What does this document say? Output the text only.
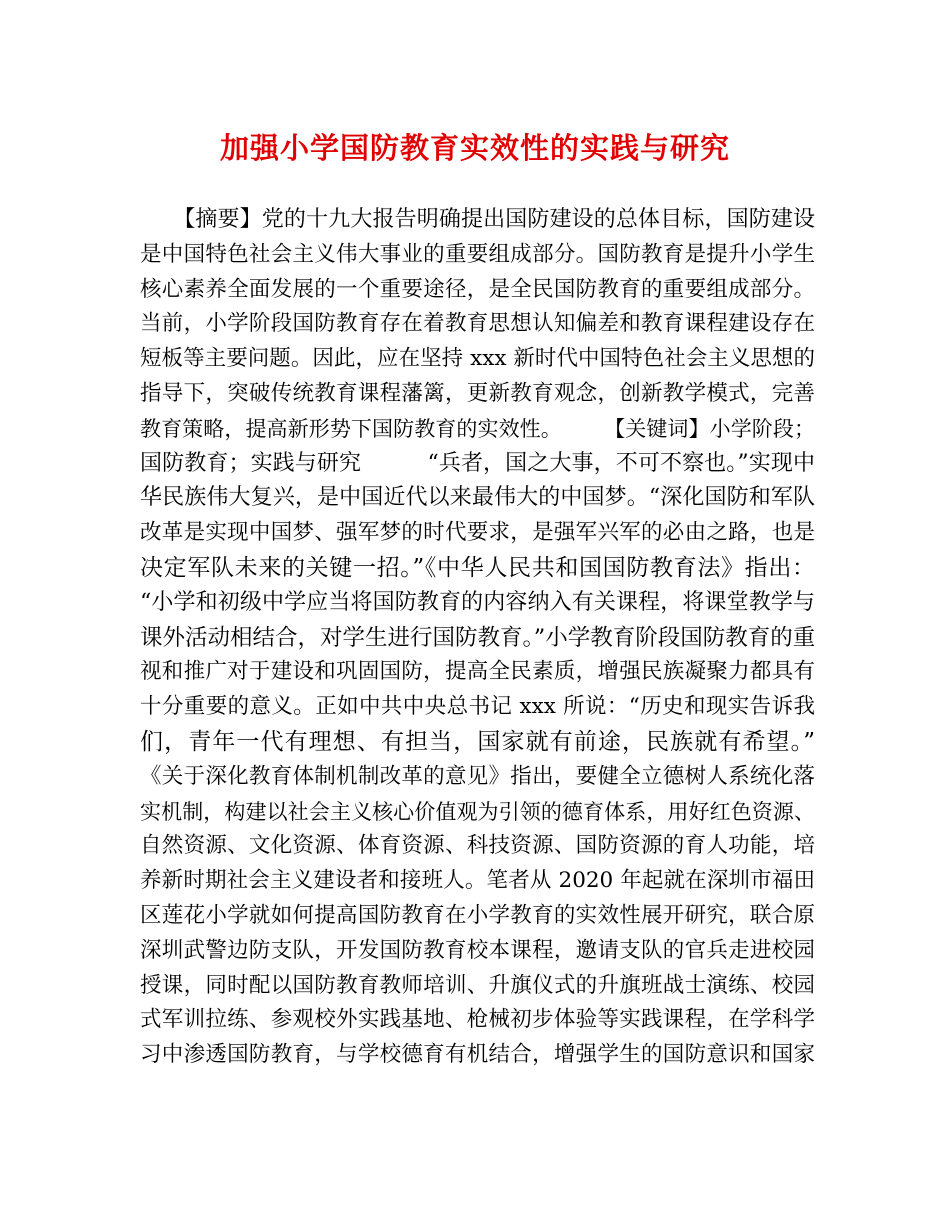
加强小学国防教育实效性的实践与研究
　　【摘要】党的十九大报告明确提出国防建设的总体目标，国防建设
是中国特色社会主义伟大事业的重要组成部分。国防教育是提升小学生
核心素养全面发展的一个重要途径，是全民国防教育的重要组成部分。
当前，小学阶段国防教育存在着教育思想认知偏差和教育课程建设存在
短板等主要问题。因此，应在坚持 xxx 新时代中国特色社会主义思想的
指导下，突破传统教育课程藩篱，更新教育观念，创新教学模式，完善
教育策略，提高新形势下国防教育的实效性。　　　【关键词】小学阶段；
国防教育；实践与研究　　　“兵者，国之大事，不可不察也。”实现中
华民族伟大复兴，是中国近代以来最伟大的中国梦。“深化国防和军队
改革是实现中国梦、强军梦的时代要求，是强军兴军的必由之路，也是
决定军队未来的关键一招。”《中华人民共和国国防教育法》指出：
“小学和初级中学应当将国防教育的内容纳入有关课程，将课堂教学与
课外活动相结合，对学生进行国防教育。”小学教育阶段国防教育的重
视和推广对于建设和巩固国防，提高全民素质，增强民族凝聚力都具有
十分重要的意义。正如中共中央总书记 xxx 所说：“历史和现实告诉我
们，青年一代有理想、有担当，国家就有前途，民族就有希望。”
《关于深化教育体制机制改革的意见》指出，要健全立德树人系统化落
实机制，构建以社会主义核心价值观为引领的德育体系，用好红色资源、
自然资源、文化资源、体育资源、科技资源、国防资源的育人功能，培
养新时期社会主义建设者和接班人。笔者从 2020 年起就在深圳市福田
区莲花小学就如何提高国防教育在小学教育的实效性展开研究，联合原
深圳武警边防支队，开发国防教育校本课程，邀请支队的官兵走进校园
授课，同时配以国防教育教师培训、升旗仪式的升旗班战士演练、校园
式军训拉练、参观校外实践基地、枪械初步体验等实践课程，在学科学
习中渗透国防教育，与学校德育有机结合，增强学生的国防意识和国家
